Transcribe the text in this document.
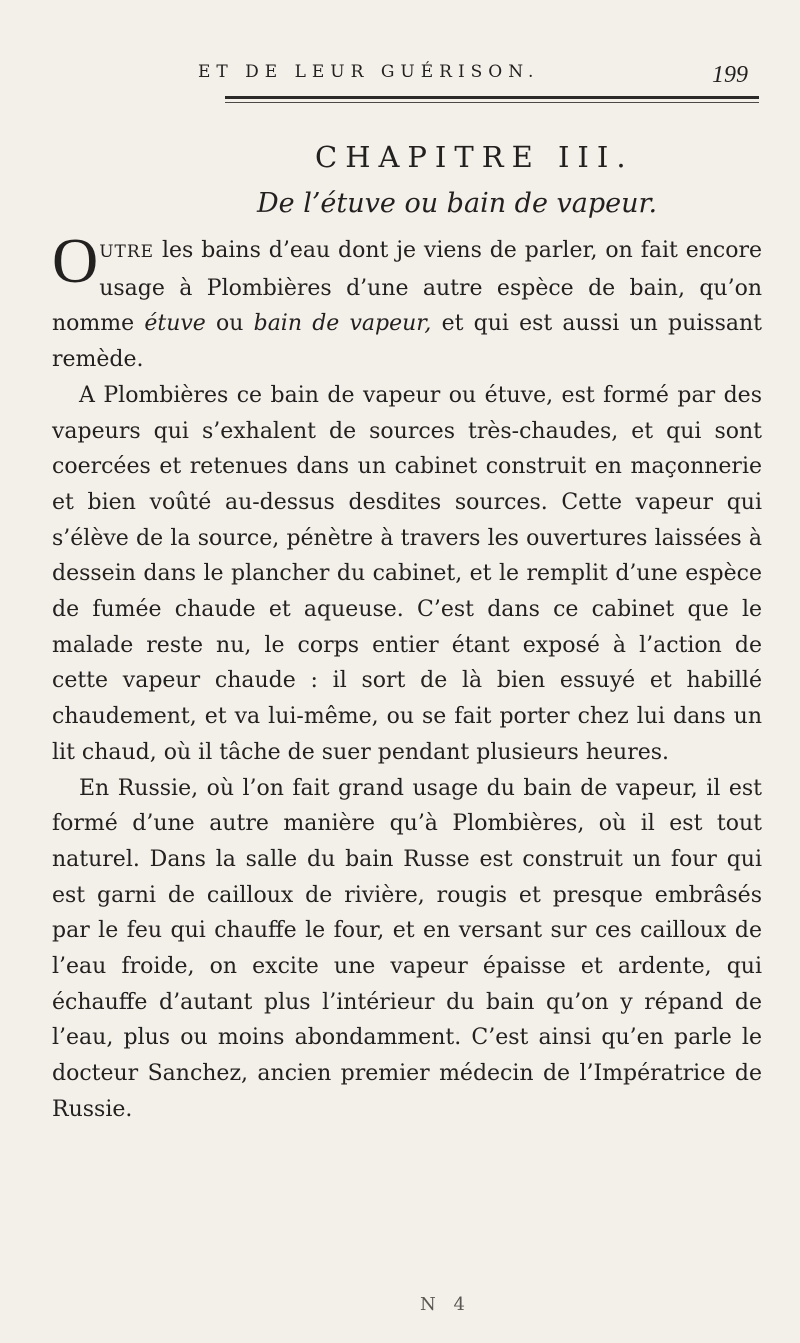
ET DE LEUR GUÉRISON.	199
CHAPITRE III.
De l’étuve ou bain de vapeur.

OUTRE les bains d’eau dont je viens de parler, on fait encore usage à Plombières d’une autre espèce de bain, qu’on nomme étuve ou bain de vapeur, et qui est aussi un puissant remède.

A Plombières ce bain de vapeur ou étuve, est formé par des vapeurs qui s’exhalent de sources très-chaudes, et qui sont coercées et retenues dans un cabinet construit en maçonnerie et bien voûté au-dessus desdites sources. Cette vapeur qui s’élève de la source, pénètre à travers les ouvertures laissées à dessein dans le plancher du cabinet, et le remplit d’une espèce de fumée chaude et aqueuse. C’est dans ce cabinet que le malade reste nu, le corps entier étant exposé à l’action de cette vapeur chaude : il sort de là bien essuyé et habillé chaudement, et va lui-même, ou se fait porter chez lui dans un lit chaud, où il tâche de suer pendant plusieurs heures.

En Russie, où l’on fait grand usage du bain de vapeur, il est formé d’une autre manière qu’à Plombières, où il est tout naturel. Dans la salle du bain Russe est construit un four qui est garni de cailloux de rivière, rougis et presque embrâsés par le feu qui chauffe le four, et en versant sur ces cailloux de l’eau froide, on excite une vapeur épaisse et ardente, qui échauffe d’autant plus l’intérieur du bain qu’on y répand de l’eau, plus ou moins abondamment. C’est ainsi qu’en parle le docteur Sanchez, ancien premier médecin de l’Impératrice de Russie.

N 4
